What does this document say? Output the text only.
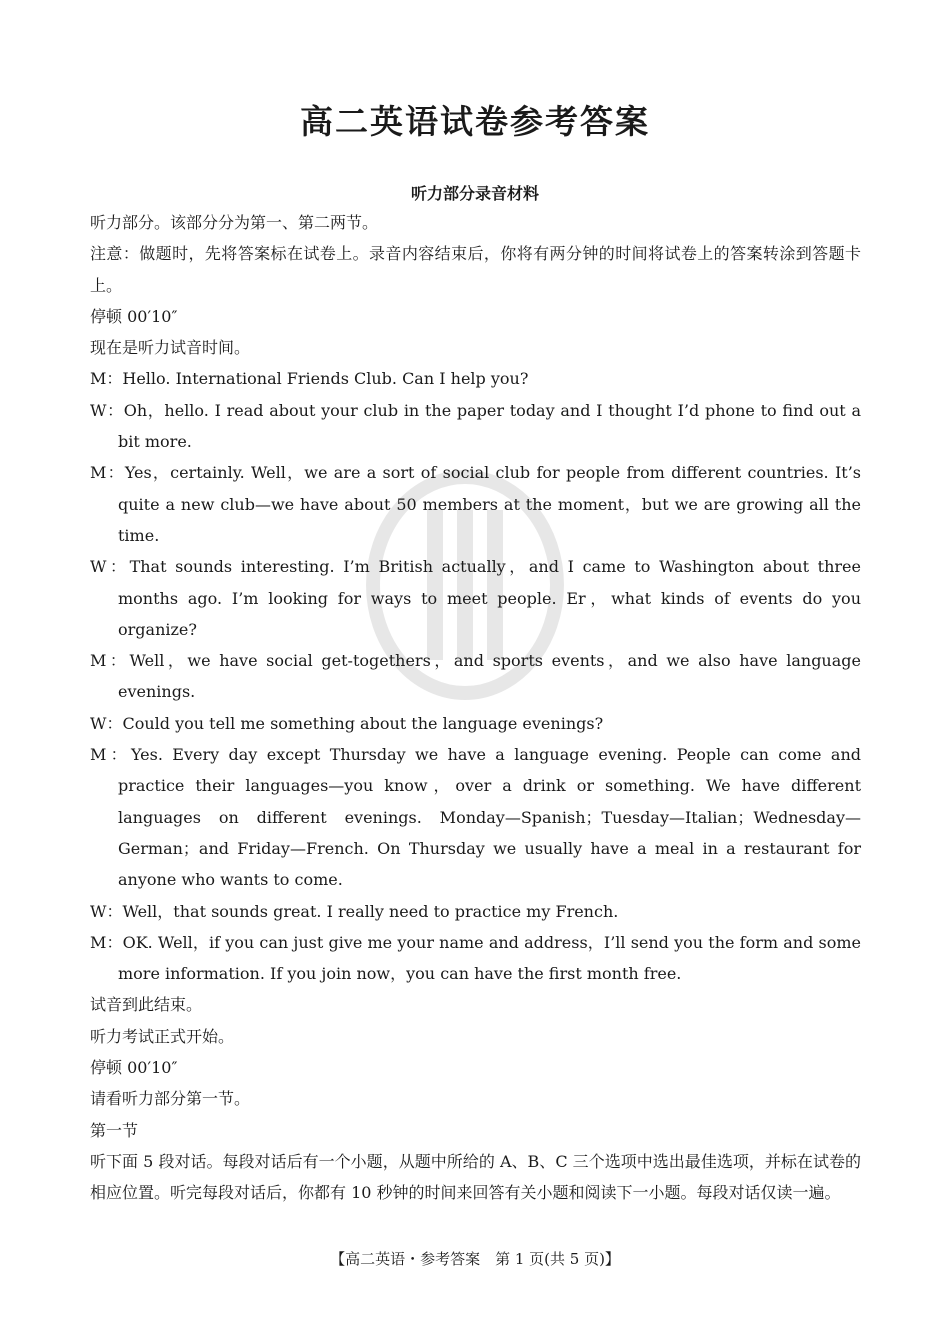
高二英语试卷参考答案
听力部分录音材料

听力部分。该部分分为第一、第二两节。

注意：做题时，先将答案标在试卷上。录音内容结束后，你将有两分钟的时间将试卷上的答案转涂到答题卡上。

停顿 00′10″

现在是听力试音时间。

M：Hello. International Friends Club. Can I help you?

W：Oh，hello. I read about your club in the paper today and I thought I’d phone to find out a bit more.

M：Yes，certainly. Well，we are a sort of social club for people from different countries. It’s quite a new club—we have about 50 members at the moment，but we are growing all the time.

W：That sounds interesting. I’m British actually，and I came to Washington about three months ago. I’m looking for ways to meet people. Er，what kinds of events do you organize?

M：Well，we have social get-togethers，and sports events，and we also have language evenings.

W：Could you tell me something about the language evenings?

M：Yes. Every day except Thursday we have a language evening. People can come and practice their languages—you know，over a drink or something. We have different languages on different evenings. Monday—Spanish；Tuesday—Italian；Wednesday—German；and Friday—French. On Thursday we usually have a meal in a restaurant for anyone who wants to come.

W：Well，that sounds great. I really need to practice my French.

M：OK. Well，if you can just give me your name and address，I’ll send you the form and some more information. If you join now，you can have the first month free.

试音到此结束。

听力考试正式开始。

停顿 00′10″

请看听力部分第一节。

第一节

听下面 5 段对话。每段对话后有一个小题，从题中所给的 A、B、C 三个选项中选出最佳选项，并标在试卷的相应位置。听完每段对话后，你都有 10 秒钟的时间来回答有关小题和阅读下一小题。每段对话仅读一遍。

【高二英语・参考答案　第 1 页(共 5 页)】
